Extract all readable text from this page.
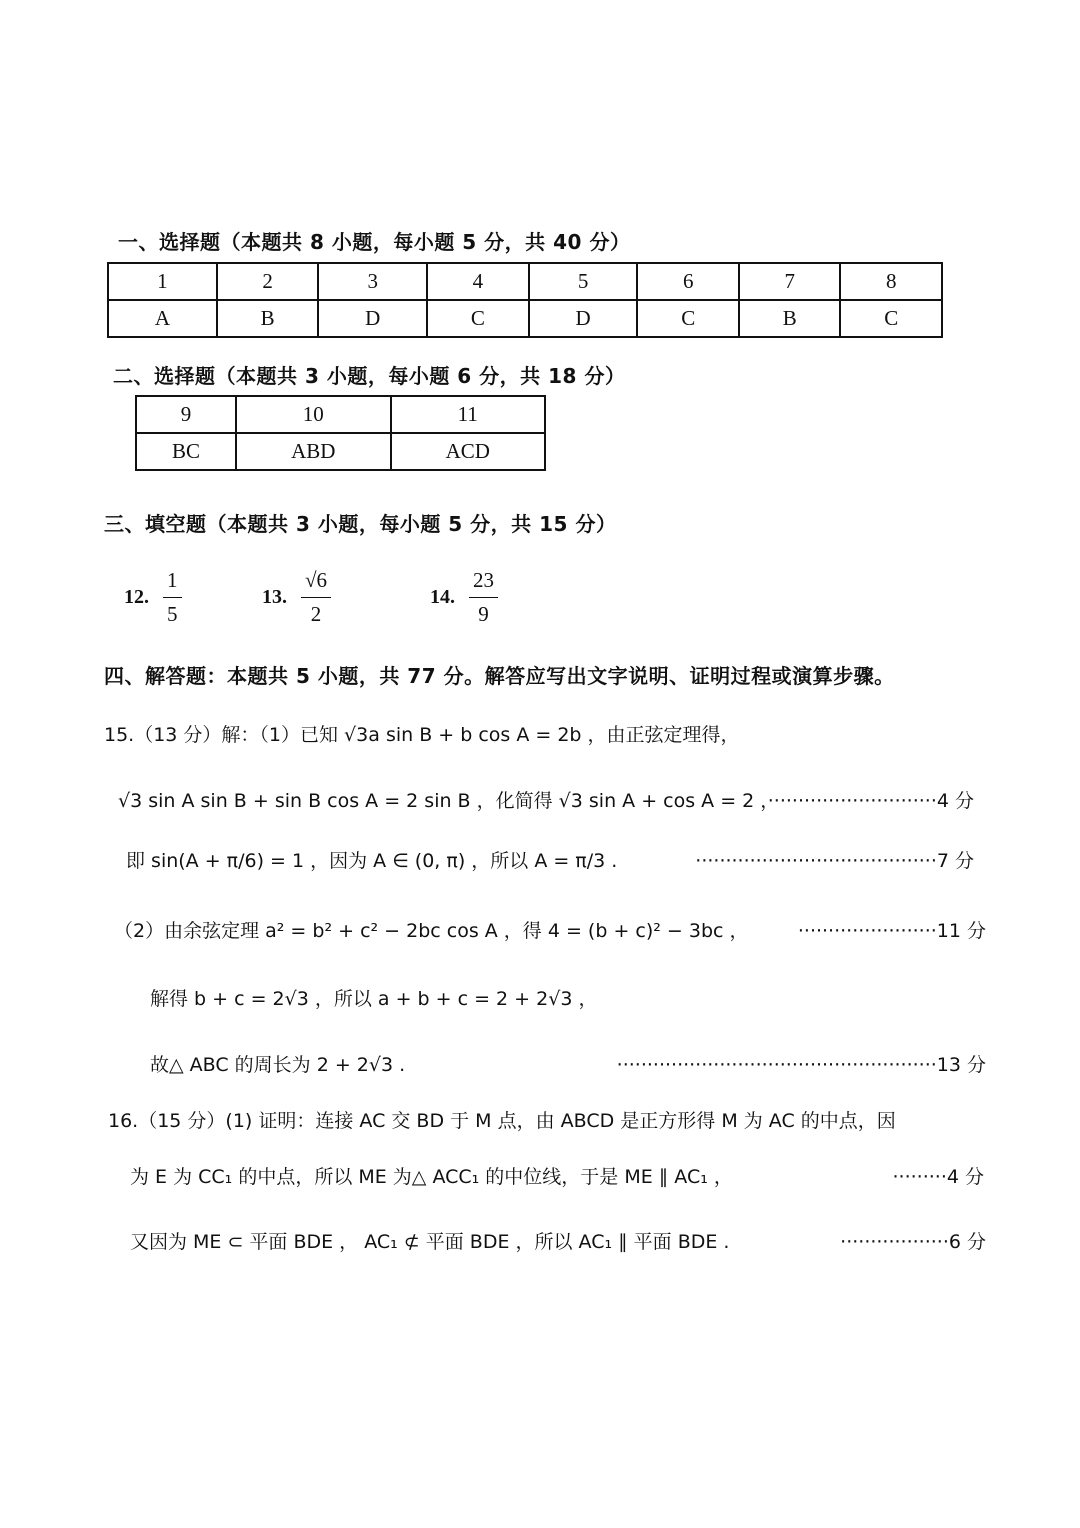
一、选择题（本题共 8 小题，每小题 5 分，共 40 分）
1	2	3	4	5	6	7	8
A	B	D	C	D	C	B	C
二、选择题（本题共 3 小题，每小题 6 分，共 18 分）
9	10	11
BC	ABD	ACD
三、填空题（本题共 3 小题，每小题 5 分，共 15 分）
12. $\frac{1}{5}$	13. $\frac{√6}{2}$	14. $\frac{23}{9}$
四、解答题：本题共 5 小题，共 77 分。解答应写出文字说明、证明过程或演算步骤。
15.（13 分）解：（1）已知 √3a sin B + b cos A = 2b ，由正弦定理得，
√3 sin A sin B + sin B cos A = 2 sin B ，化简得 √3 sin A + cos A = 2 ，
····························4 分
即 sin(A + π/6) = 1 ，因为 A ∈ (0, π) ，所以 A = π/3 .	········································7 分
（2）由余弦定理 a² = b² + c² − 2bc cos A ，得 4 = (b + c)² − 3bc ，	·······················11 分
解得 b + c = 2√3 ，所以 a + b + c = 2 + 2√3 ，
故△ ABC 的周长为 2 + 2√3 .	·····················································13 分
16.（15 分）(1) 证明：连接 AC 交 BD 于 M 点，由 ABCD 是正方形得 M 为 AC 的中点，因
为 E 为 CC₁ 的中点，所以 ME 为△ ACC₁ 的中位线，于是 ME ∥ AC₁ ，	·········4 分
又因为 ME ⊂ 平面 BDE ， AC₁ ⊄ 平面 BDE ，所以 AC₁ ∥ 平面 BDE .	··················6 分
